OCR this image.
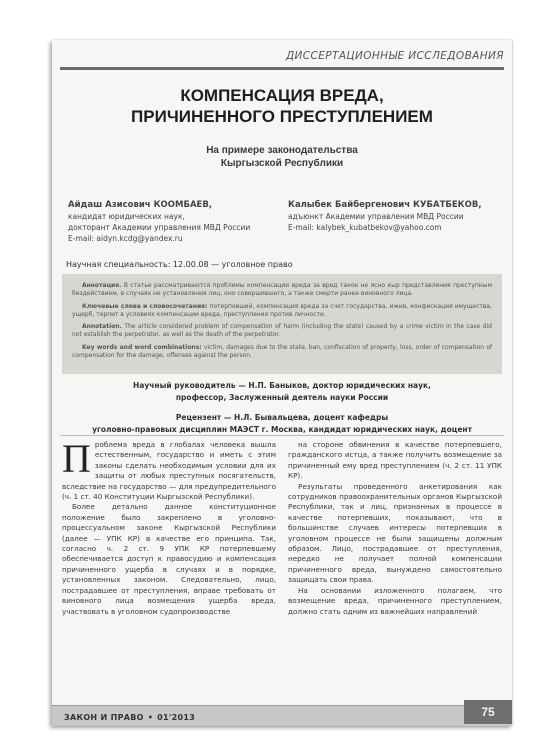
ДИССЕРТАЦИОННЫЕ ИССЛЕДОВАНИЯ
КОМПЕНСАЦИЯ ВРЕДА,
ПРИЧИНЕННОГО ПРЕСТУПЛЕНИЕМ
На примере законодательства
Кыргызской Республики
Айдаш Азисович КООМБАЕВ,
кандидат юридических наук,
докторант Академии управления МВД России
E-mail: aidyn.kcdg@yandex.ru
Калыбек Байбергенович КУБАТБЕКОВ,
адъюнкт Академии управления МВД России
E-mail: kalybek_kubatbekov@yahoo.com
Научная специальность: 12.00.08 — уголовное право

Аннотация. В статье рассматриваются проблемы компенсации вреда за вред такое не ясно кыр представления преступным бездействием, в случаях не установления лиц, оно совершившего, а также смерти ранее виновного лица.

Ключевые слова и словосочетания: потерпевший, компенсация вреда за счет государства, ижив, конфискация имущества, ущерб, терпит в условиях компенсации вреда, преступления против личности.

Annotation. The article considered problem of compensation of harm (including the state) caused by a crime victim in the case did not establish the perpetrator, as well as the death of the perpetrator.

Key words and word combinations: victim, damages due to the state, ban, confiscation of property, loss, order of compensation of compensation for the damage, offenses against the person.

Научный руководитель — Н.П. Баныков, доктор юридических наук,
профессор, Заслуженный деятель науки России
Рецензент — Н.Л. Бывальцева, доцент кафедры
уголовно-правовых дисциплин МАЭСТ г. Москва, кандидат юридических наук, доцент
П роблема вреда в глобалах человека вышла естественным, государство и иметь с этим законы сделать необходимым условии для их защиты от любых преступных посягательств, вследствие на государство — для предупредительного (ч. 1 ст. 40 Конституции Кыргызской Республики).

Более детально данное конституционное положение было закреплено в уголовно-процессуальном законе Кыргызской Республики (далее — УПК КР) в качестве его принципа. Так, согласно ч. 2 ст. 9 УПК КР потерпевшему обеспечивается доступ к правосудию и компенсация причиненного ущерба в случаях и в порядке, установленных законом. Следовательно, лицо, пострадавшее от преступления, вправе требовать от виновного лица возмещения ущерба вреда, участвовать в уголовном судопроизводстве

на стороне обвинения в качестве потерпевшего, гражданского истца, а также получить возмещение за причиненный ему вред преступлением (ч. 2 ст. 11 УПК КР).

Результаты проведенного анкетирования как сотрудников правоохранительных органов Кыргызской Республики, так и лиц, признанных в процессе в качестве потерпевших, показывают, что в большинстве случаев интересы потерпевших в уголовном процессе не были защищены должным образом. Лицо, пострадавшее от преступления, нередко не получает полной компенсации причиненного вреда, вынуждено самостоятельно защищать свои права.

На основании изложенного полагаем, что возмещение вреда, причиненного преступлением, должно стать одним из важнейших направлений

ЗАКОН И ПРАВО • 01'2013	75
